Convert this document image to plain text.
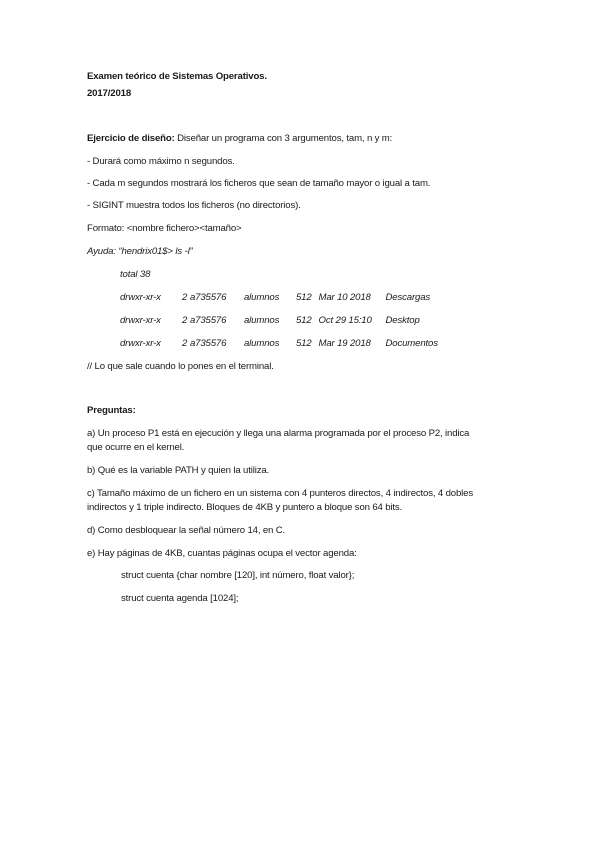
Examen teórico de Sistemas Operativos.
2017/2018
Ejercicio de diseño: Diseñar un programa con 3 argumentos, tam, n y m:
- Durará como máximo n segundos.
- Cada m segundos mostrará los ficheros que sean de tamaño mayor o igual a tam.
- SIGINT muestra todos los ficheros (no directorios).
Formato: <nombre fichero><tamaño>
Ayuda: “hendrix01$> ls -l”
total 38
drwxr-xr-x 2 a735576 alumnos 512 Mar 10 2018 Descargas
drwxr-xr-x 2 a735576 alumnos 512 Oct 29 15:10 Desktop
drwxr-xr-x 2 a735576 alumnos 512 Mar 19 2018 Documentos
// Lo que sale cuando lo pones en el terminal.
Preguntas:
a) Un proceso P1 está en ejecución y llega una alarma programada por el proceso P2, indica
que ocurre en el kernel.
b) Qué es la variable PATH y quien la utiliza.
c) Tamaño máximo de un fichero en un sistema con 4 punteros directos, 4 indirectos, 4 dobles
indirectos y 1 triple indirecto. Bloques de 4KB y puntero a bloque son 64 bits.
d) Como desbloquear la señal número 14, en C.
e) Hay páginas de 4KB, cuantas páginas ocupa el vector agenda:
struct cuenta {char nombre [120], int número, float valor};
struct cuenta agenda [1024];
